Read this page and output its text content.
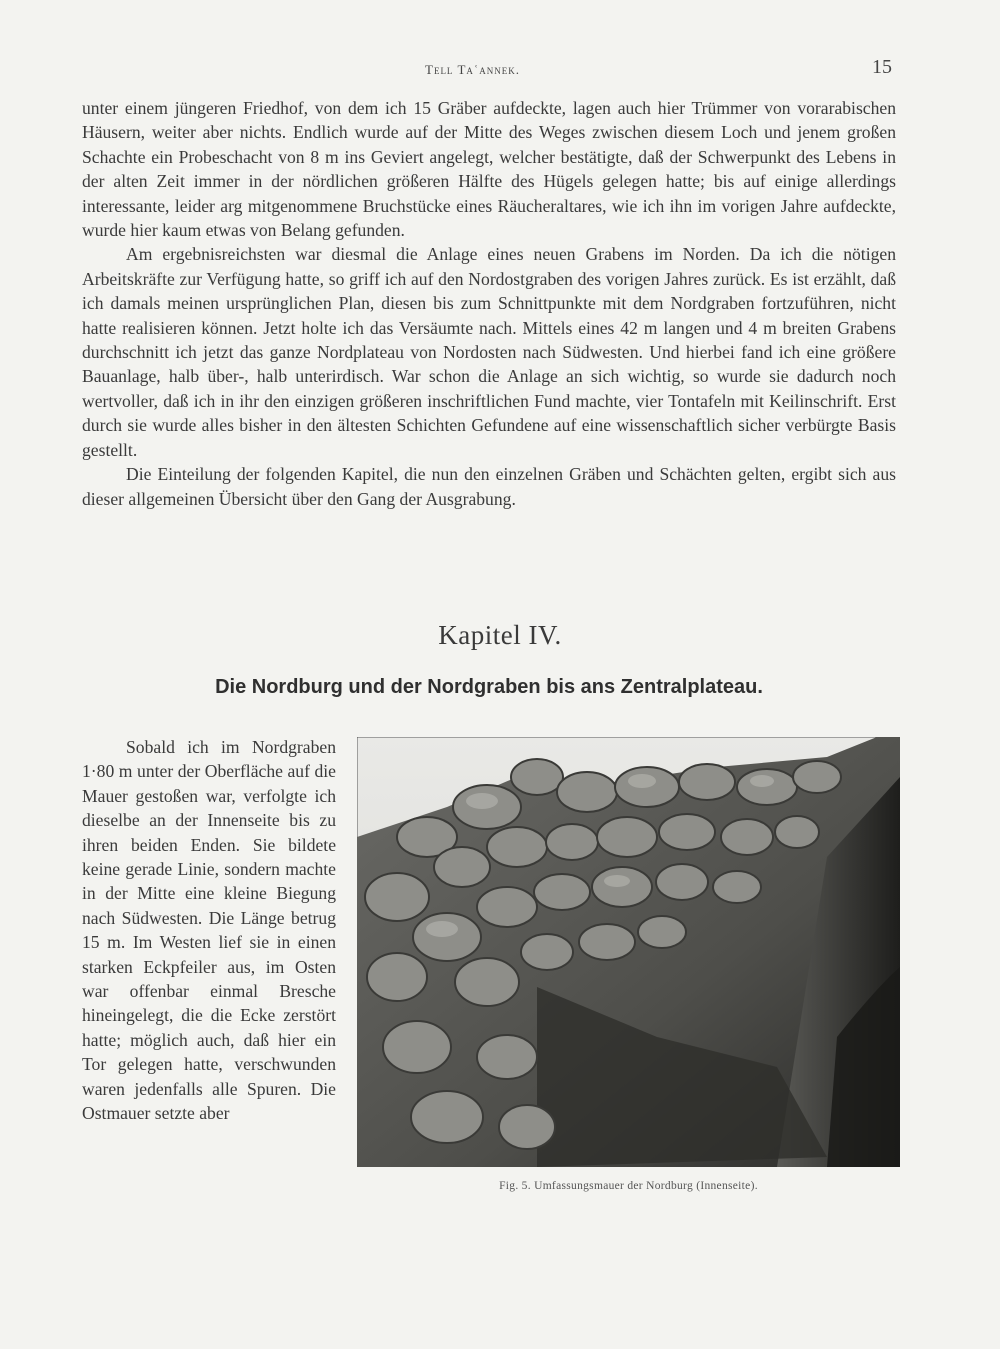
Tell Taʿannek.	15

unter einem jüngeren Friedhof, von dem ich 15 Gräber aufdeckte, lagen auch hier Trümmer von vorarabischen Häusern, weiter aber nichts. Endlich wurde auf der Mitte des Weges zwischen diesem Loch und jenem großen Schachte ein Probeschacht von 8 m ins Geviert angelegt, welcher bestätigte, daß der Schwerpunkt des Lebens in der alten Zeit immer in der nördlichen größeren Hälfte des Hügels gelegen hatte; bis auf einige allerdings interessante, leider arg mitgenommene Bruchstücke eines Räucheraltares, wie ich ihn im vorigen Jahre aufdeckte, wurde hier kaum etwas von Belang gefunden.

Am ergebnisreichsten war diesmal die Anlage eines neuen Grabens im Norden. Da ich die nötigen Arbeitskräfte zur Verfügung hatte, so griff ich auf den Nordostgraben des vorigen Jahres zurück. Es ist erzählt, daß ich damals meinen ursprünglichen Plan, diesen bis zum Schnittpunkte mit dem Nordgraben fortzuführen, nicht hatte realisieren können. Jetzt holte ich das Versäumte nach. Mittels eines 42 m langen und 4 m breiten Grabens durchschnitt ich jetzt das ganze Nordplateau von Nordosten nach Südwesten. Und hierbei fand ich eine größere Bauanlage, halb über-, halb unterirdisch. War schon die Anlage an sich wichtig, so wurde sie dadurch noch wertvoller, daß ich in ihr den einzigen größeren inschriftlichen Fund machte, vier Tontafeln mit Keilinschrift. Erst durch sie wurde alles bisher in den ältesten Schichten Gefundene auf eine wissenschaftlich sicher verbürgte Basis gestellt.

Die Einteilung der folgenden Kapitel, die nun den einzelnen Gräben und Schächten gelten, ergibt sich aus dieser allgemeinen Übersicht über den Gang der Ausgrabung.

Kapitel IV.
Die Nordburg und der Nordgraben bis ans Zentralplateau.

Sobald ich im Nordgraben 1·80 m unter der Oberfläche auf die Mauer gestoßen war, verfolgte ich dieselbe an der Innenseite bis zu ihren beiden Enden. Sie bildete keine gerade Linie, sondern machte in der Mitte eine kleine Biegung nach Südwesten. Die Länge betrug 15 m. Im Westen lief sie in einen starken Eckpfeiler aus, im Osten war offenbar einmal Bresche hineingelegt, die die Ecke zerstört hatte; möglich auch, daß hier ein Tor gelegen hatte, verschwunden waren jedenfalls alle Spuren. Die Ostmauer setzte aber

Fig. 5. Umfassungsmauer der Nordburg (Innenseite).
